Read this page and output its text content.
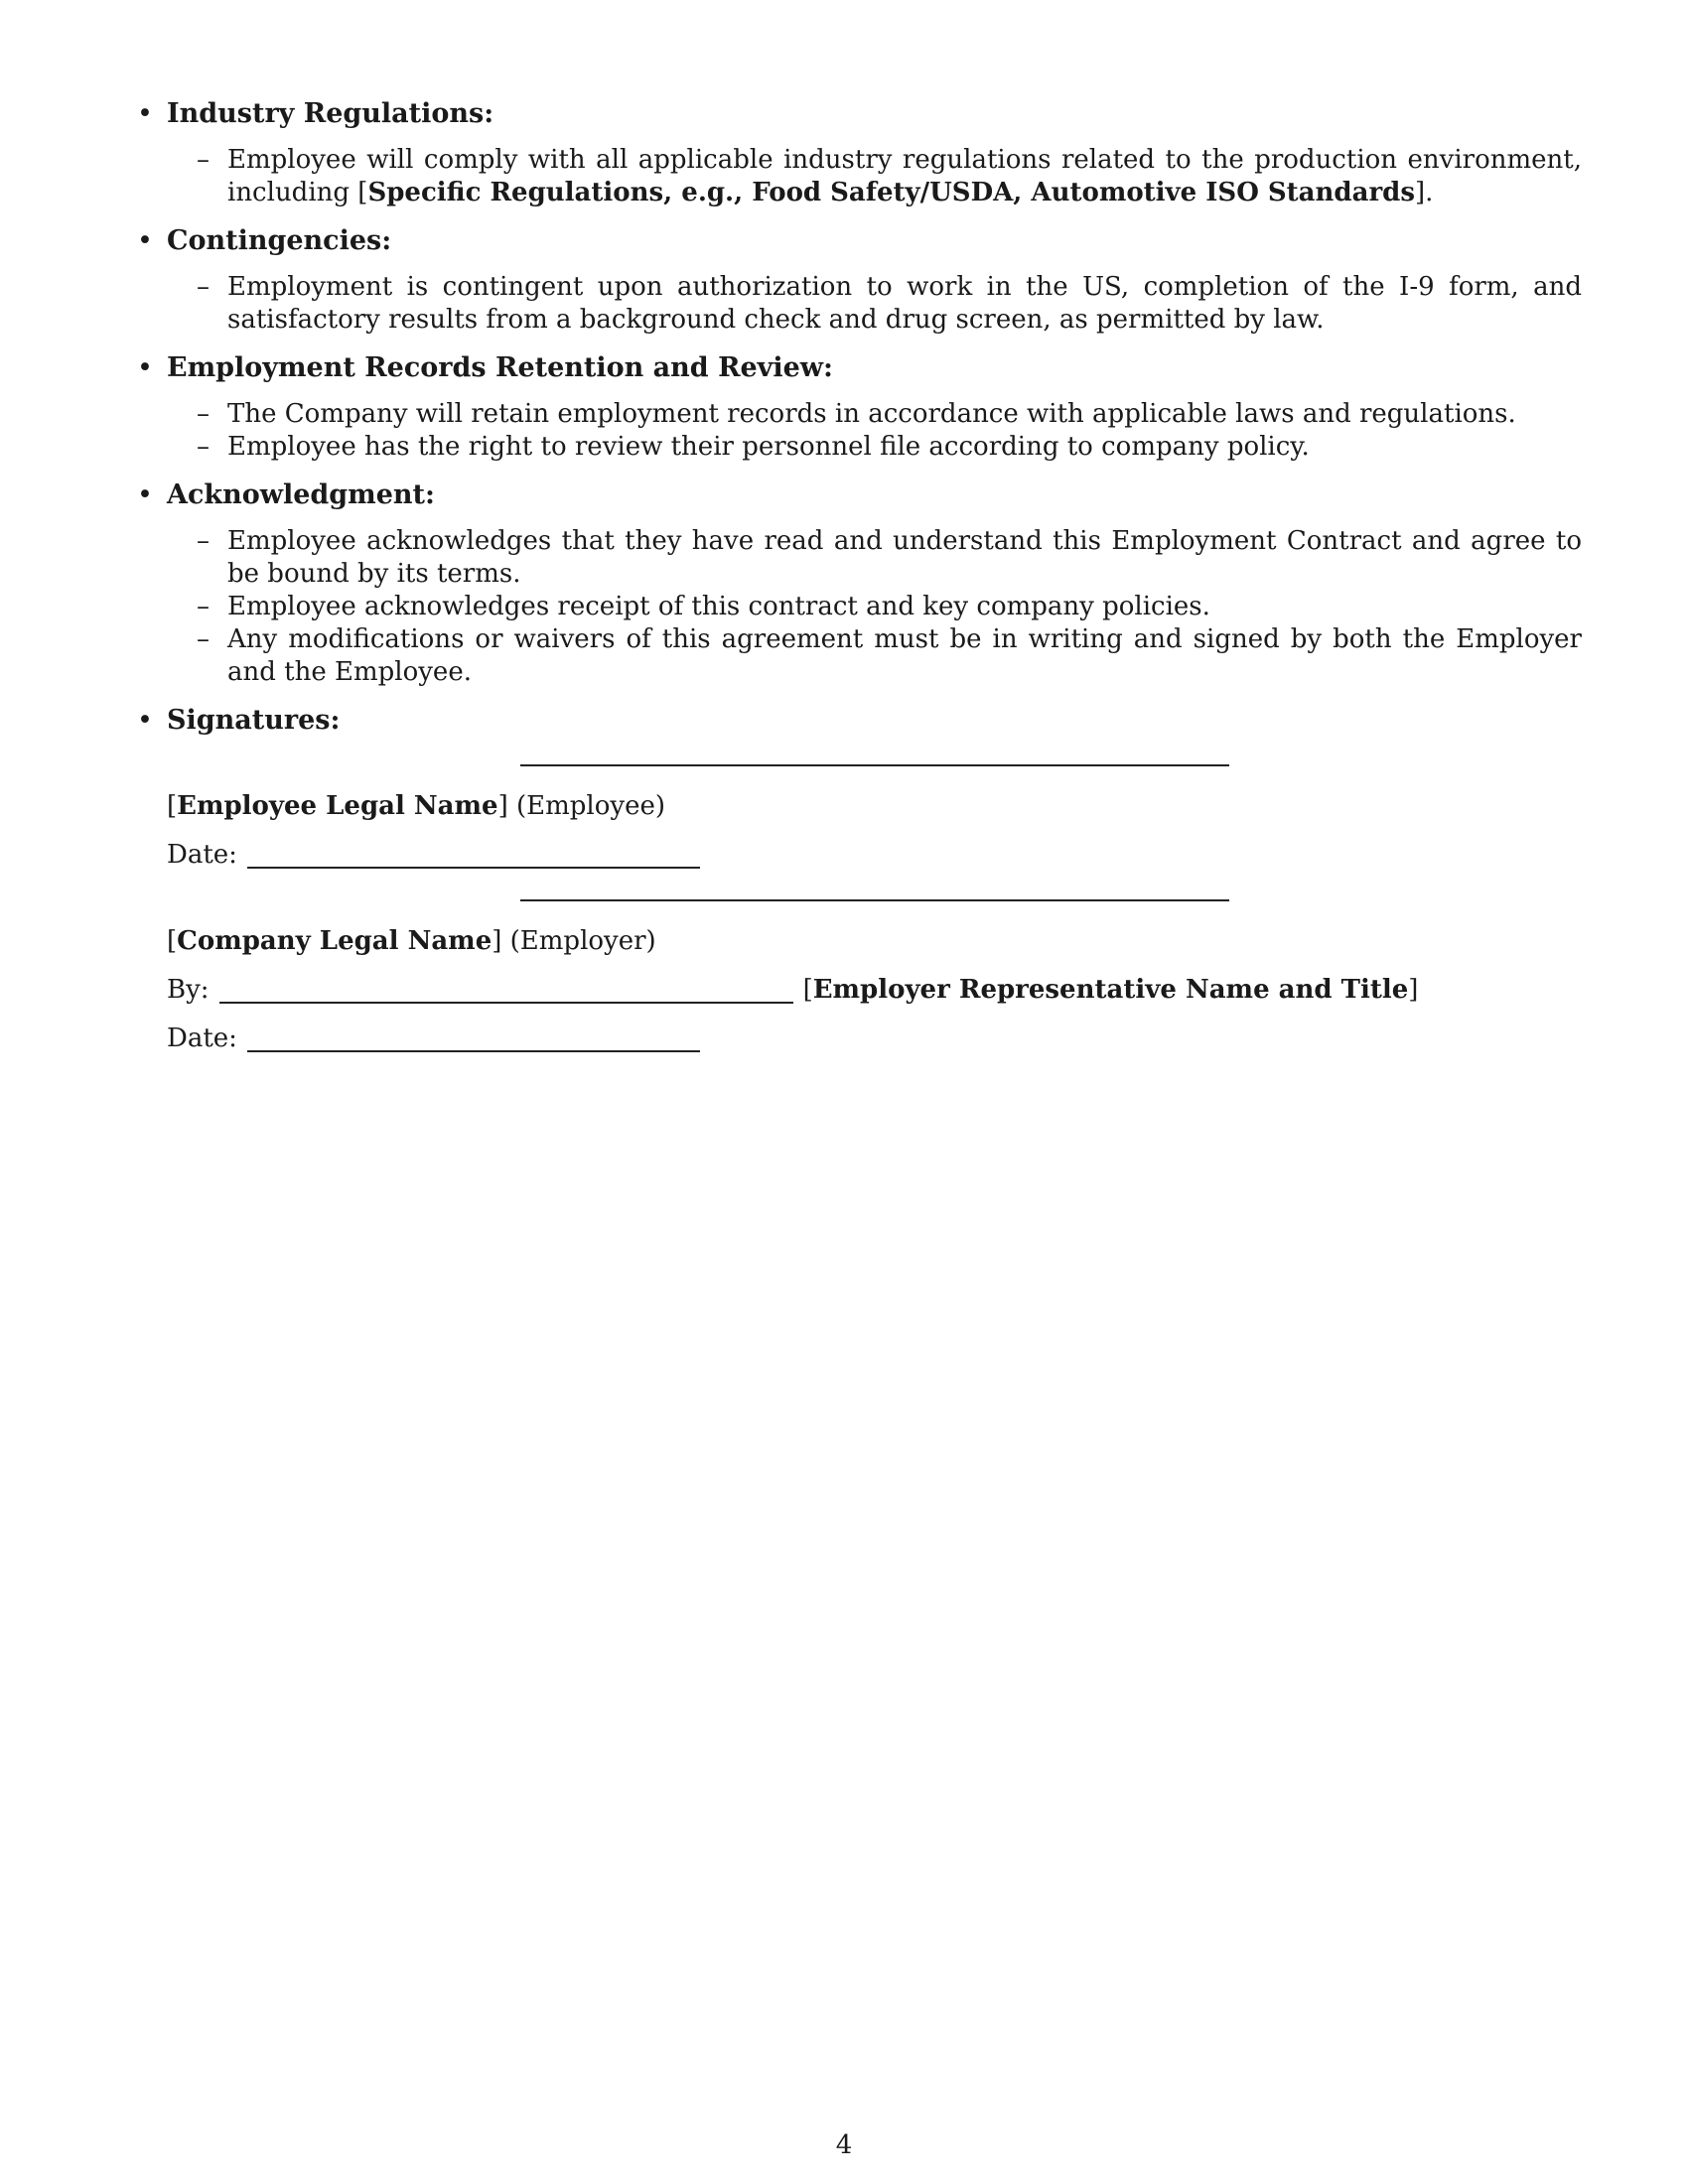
• Industry Regulations:
– Employee will comply with all applicable industry regulations related to the production environment, including [Specific Regulations, e.g., Food Safety/USDA, Automotive ISO Standards].
• Contingencies:
– Employment is contingent upon authorization to work in the US, completion of the I-9 form, and satisfactory results from a background check and drug screen, as permitted by law.
• Employment Records Retention and Review:
– The Company will retain employment records in accordance with applicable laws and regulations.
– Employee has the right to review their personnel file according to company policy.
• Acknowledgment:
– Employee acknowledges that they have read and understand this Employment Contract and agree to be bound by its terms.
– Employee acknowledges receipt of this contract and key company policies.
– Any modifications or waivers of this agreement must be in writing and signed by both the Employer and the Employee.
• Signatures:
[Employee Legal Name] (Employee)
Date:
[Company Legal Name] (Employer)
By:	[Employer Representative Name and Title]
Date:
4
